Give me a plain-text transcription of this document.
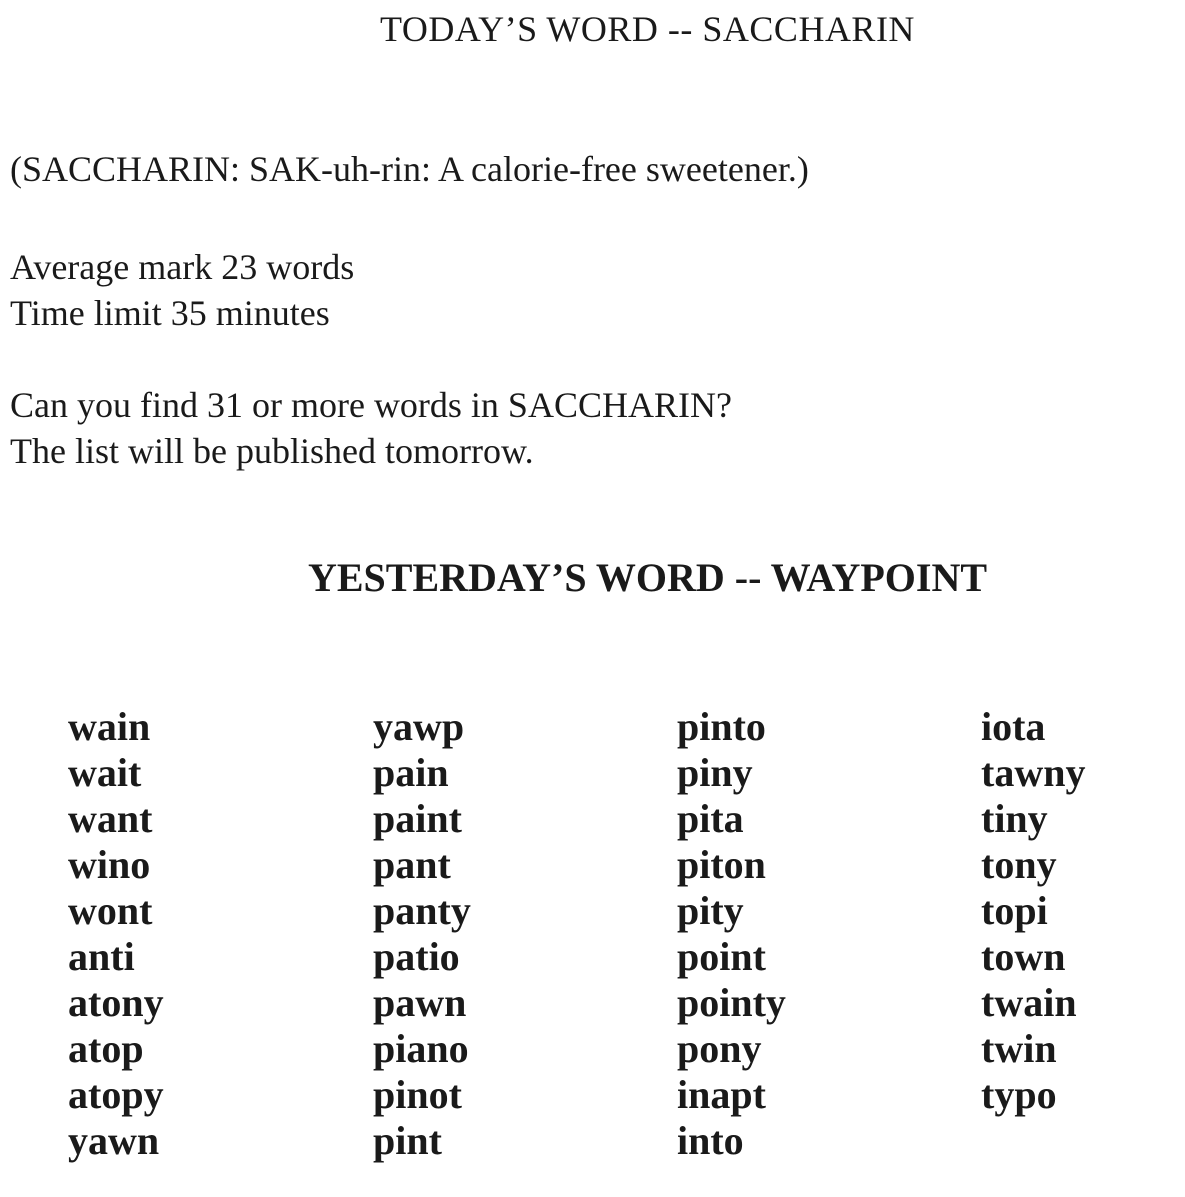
TODAY’S WORD -- SACCHARIN
(SACCHARIN: SAK-uh-rin: A calorie-free sweetener.)
Average mark 23 words
Time limit 35 minutes
Can you find 31 or more words in SACCHARIN?
The list will be published tomorrow.
YESTERDAY’S WORD -- WAYPOINT
wain
wait
want
wino
wont
anti
atony
atop
atopy
yawn
yawp
pain
paint
pant
panty
patio
pawn
piano
pinot
pint
pinto
piny
pita
piton
pity
point
pointy
pony
inapt
into
iota
tawny
tiny
tony
topi
town
twain
twin
typo
